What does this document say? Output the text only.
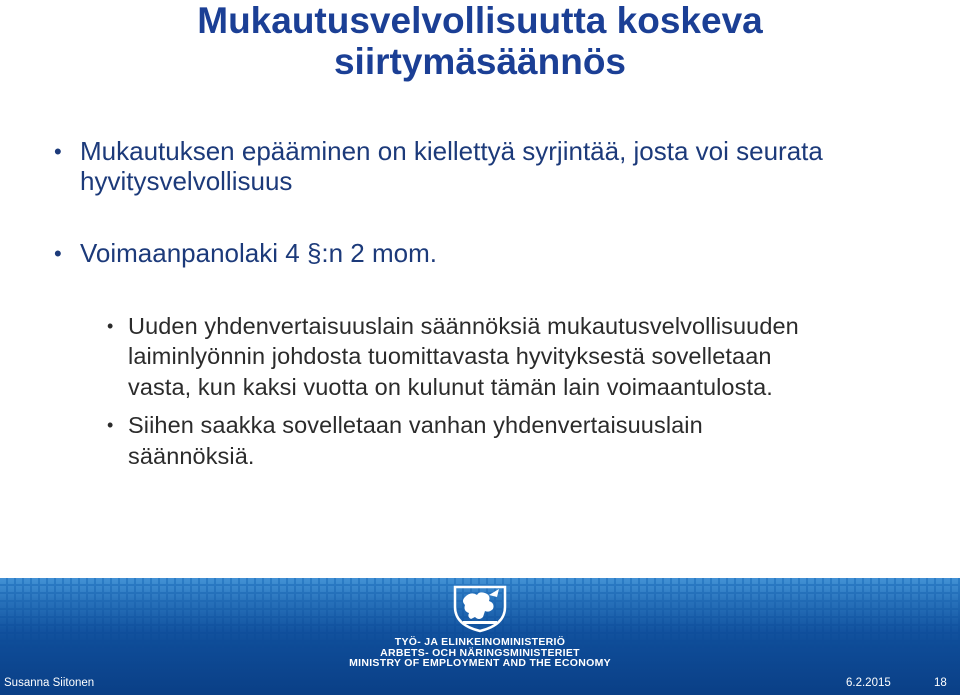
Mukautusvelvollisuutta koskeva
siirtymäsäännös
• Mukautuksen epääminen on kiellettyä syrjintää, josta voi seurata

hyvitysvelvollisuus

• Voimaanpanolaki 4 §:n 2 mom.

• Uuden yhdenvertaisuuslain säännöksiä mukautusvelvollisuuden

laiminlyönnin johdosta tuomittavasta hyvityksestä sovelletaan

vasta, kun kaksi vuotta on kulunut tämän lain voimaantulosta.

• Siihen saakka sovelletaan vanhan yhdenvertaisuuslain

säännöksiä.

TYÖ- JA ELINKEINOMINISTERIÖ

ARBETS- OCH NÄRINGSMINISTERIET

MINISTRY OF EMPLOYMENT AND THE ECONOMY

Susanna Siitonen	6.2.2015	18
